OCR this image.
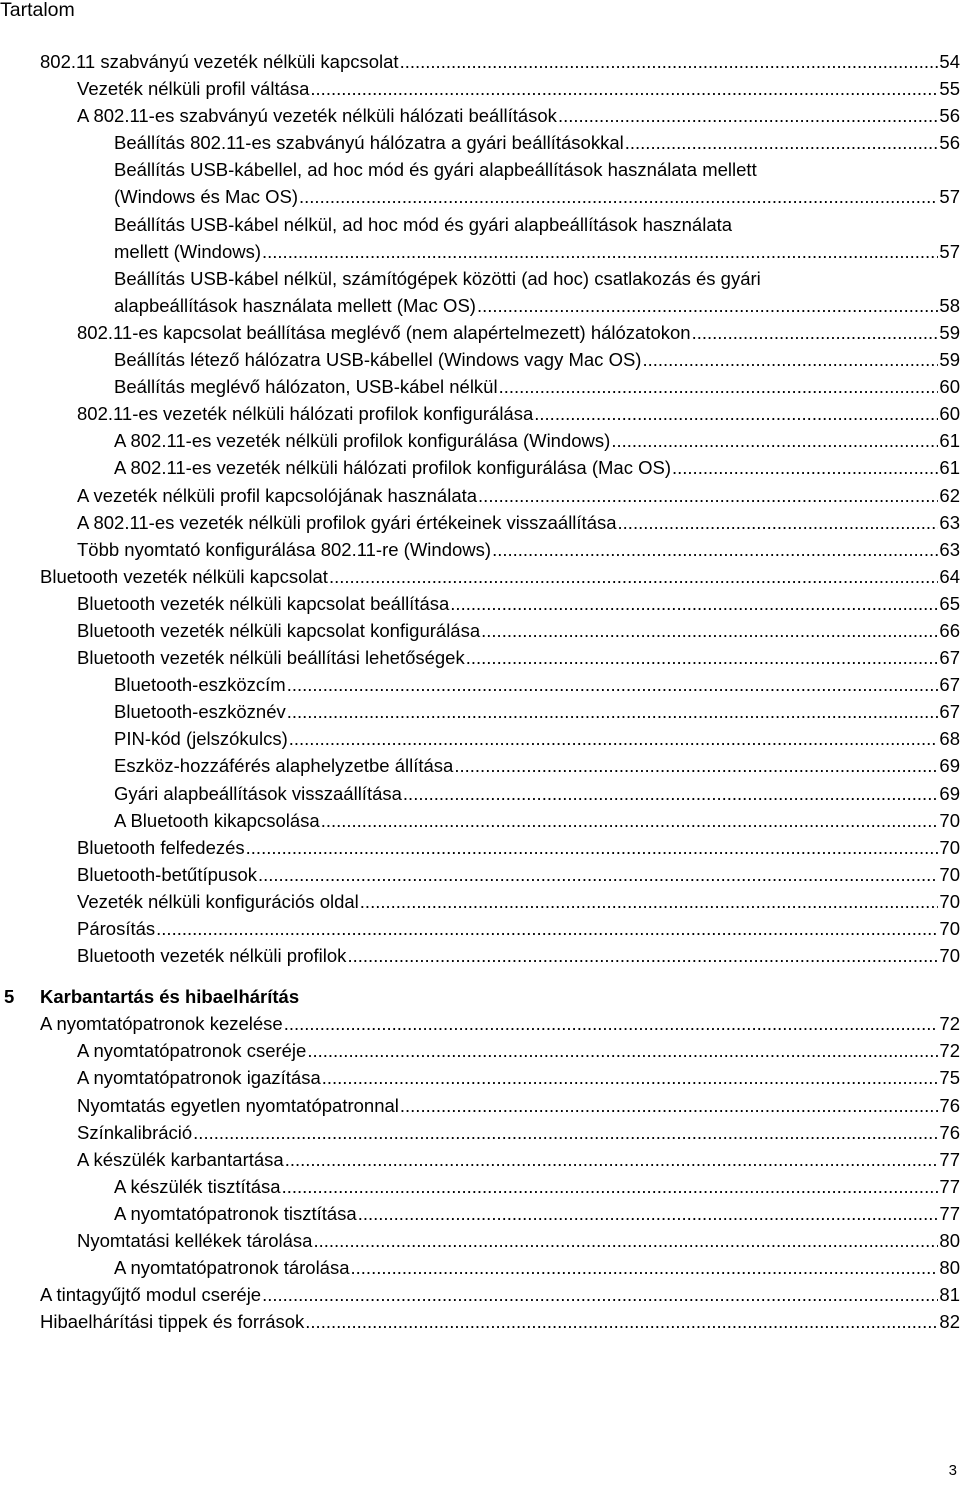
Tartalom
802.11 szabványú vezeték nélküli kapcsolat .....	54
Vezeték nélküli profil váltása .....	55
A 802.11-es szabványú vezeték nélküli hálózati beállítások .....	56
Beállítás 802.11-es szabványú hálózatra a gyári beállításokkal .....	56
Beállítás USB-kábellel, ad hoc mód és gyári alapbeállítások használata mellett
(Windows és Mac OS) .....	57
Beállítás USB-kábel nélkül, ad hoc mód és gyári alapbeállítások használata
mellett (Windows) .....	57
Beállítás USB-kábel nélkül, számítógépek közötti (ad hoc) csatlakozás és gyári
alapbeállítások használata mellett (Mac OS) .....	58
802.11-es kapcsolat beállítása meglévő (nem alapértelmezett) hálózatokon .....	59
Beállítás létező hálózatra USB-kábellel (Windows vagy Mac OS) .....	59
Beállítás meglévő hálózaton, USB-kábel nélkül .....	60
802.11-es vezeték nélküli hálózati profilok konfigurálása .....	60
A 802.11-es vezeték nélküli profilok konfigurálása (Windows) .....	61
A 802.11-es vezeték nélküli hálózati profilok konfigurálása (Mac OS) .....	61
A vezeték nélküli profil kapcsolójának használata .....	62
A 802.11-es vezeték nélküli profilok gyári értékeinek visszaállítása .....	63
Több nyomtató konfigurálása 802.11-re (Windows) .....	63
Bluetooth vezeték nélküli kapcsolat .....	64
Bluetooth vezeték nélküli kapcsolat beállítása .....	65
Bluetooth vezeték nélküli kapcsolat konfigurálása .....	66
Bluetooth vezeték nélküli beállítási lehetőségek .....	67
Bluetooth-eszközcím .....	67
Bluetooth-eszköznév .....	67
PIN-kód (jelszókulcs) .....	68
Eszköz-hozzáférés alaphelyzetbe állítása .....	69
Gyári alapbeállítások visszaállítása .....	69
A Bluetooth kikapcsolása .....	70
Bluetooth felfedezés .....	70
Bluetooth-betűtípusok .....	70
Vezeték nélküli konfigurációs oldal .....	70
Párosítás .....	70
Bluetooth vezeték nélküli profilok .....	70
5 Karbantartás és hibaelhárítás
A nyomtatópatronok kezelése .....	72
A nyomtatópatronok cseréje .....	72
A nyomtatópatronok igazítása .....	75
Nyomtatás egyetlen nyomtatópatronnal .....	76
Színkalibráció .....	76
A készülék karbantartása .....	77
A készülék tisztítása .....	77
A nyomtatópatronok tisztítása .....	77
Nyomtatási kellékek tárolása .....	80
A nyomtatópatronok tárolása .....	80
A tintagyűjtő modul cseréje .....	81
Hibaelhárítási tippek és források .....	82
3
